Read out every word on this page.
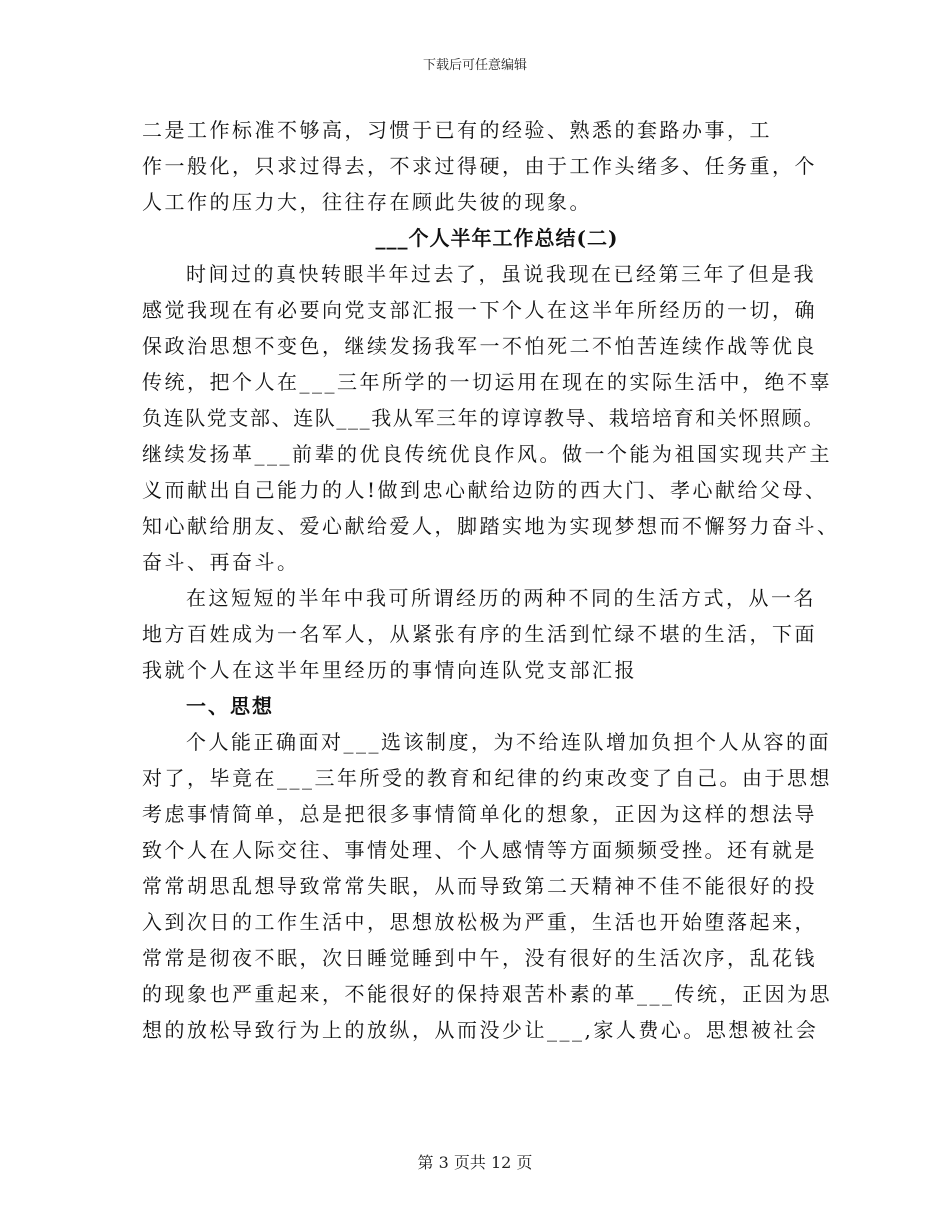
下载后可任意编辑
二是工作标准不够高，习惯于已有的经验、熟悉的套路办事，工
作一般化，只求过得去，不求过得硬，由于工作头绪多、任务重，个
人工作的压力大，往往存在顾此失彼的现象。
___个人半年工作总结(二)
时间过的真快转眼半年过去了，虽说我现在已经第三年了但是我
感觉我现在有必要向党支部汇报一下个人在这半年所经历的一切，确
保政治思想不变色，继续发扬我军一不怕死二不怕苦连续作战等优良
传统，把个人在___三年所学的一切运用在现在的实际生活中，绝不辜
负连队党支部、连队___我从军三年的谆谆教导、栽培培育和关怀照顾。
继续发扬革___前辈的优良传统优良作风。做一个能为祖国实现共产主
义而献出自己能力的人!做到忠心献给边防的西大门、孝心献给父母、
知心献给朋友、爱心献给爱人，脚踏实地为实现梦想而不懈努力奋斗、
奋斗、再奋斗。
在这短短的半年中我可所谓经历的两种不同的生活方式，从一名
地方百姓成为一名军人，从紧张有序的生活到忙绿不堪的生活，下面
我就个人在这半年里经历的事情向连队党支部汇报
一、思想
个人能正确面对___选该制度，为不给连队增加负担个人从容的面
对了，毕竟在___三年所受的教育和纪律的约束改变了自己。由于思想
考虑事情简单，总是把很多事情简单化的想象，正因为这样的想法导
致个人在人际交往、事情处理、个人感情等方面频频受挫。还有就是
常常胡思乱想导致常常失眠，从而导致第二天精神不佳不能很好的投
入到次日的工作生活中，思想放松极为严重，生活也开始堕落起来，
常常是彻夜不眠，次日睡觉睡到中午，没有很好的生活次序，乱花钱
的现象也严重起来，不能很好的保持艰苦朴素的革___传统，正因为思
想的放松导致行为上的放纵，从而没少让___,家人费心。思想被社会
第 3 页共 12 页
